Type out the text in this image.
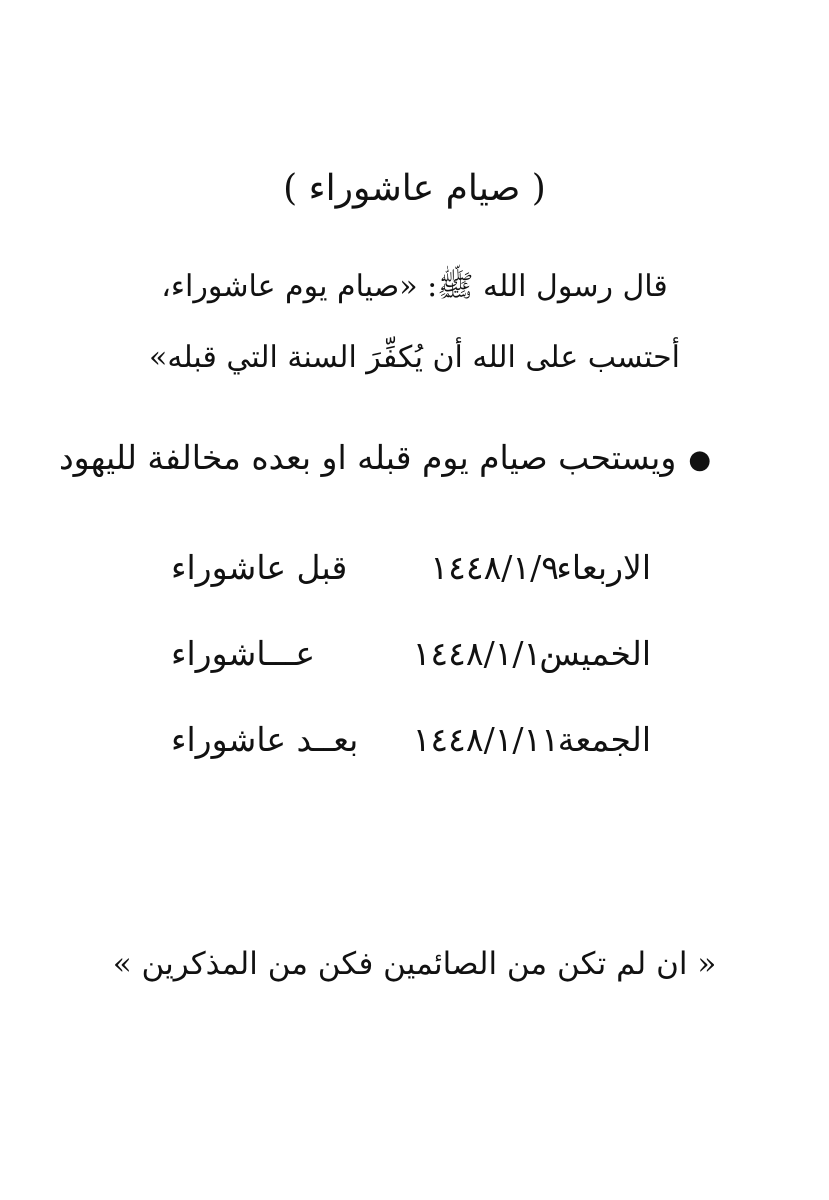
( صيام عاشوراء )
قال رسول الله ﷺ: «صيام يوم عاشوراء،
أحتسب على الله أن يُكفِّرَ السنة التي قبله»
●ويستحب صيام يوم قبله او بعده مخالفة لليهود
الاربعاء
١٤٤٨/١/٩
قبل عاشوراء
الخميس
١٤٤٨/١/١٠
عـــاشوراء
الجمعة
١٤٤٨/١/١١
بعــد عاشوراء
« ان لم تكن من الصائمين فكن من المذكرين »
